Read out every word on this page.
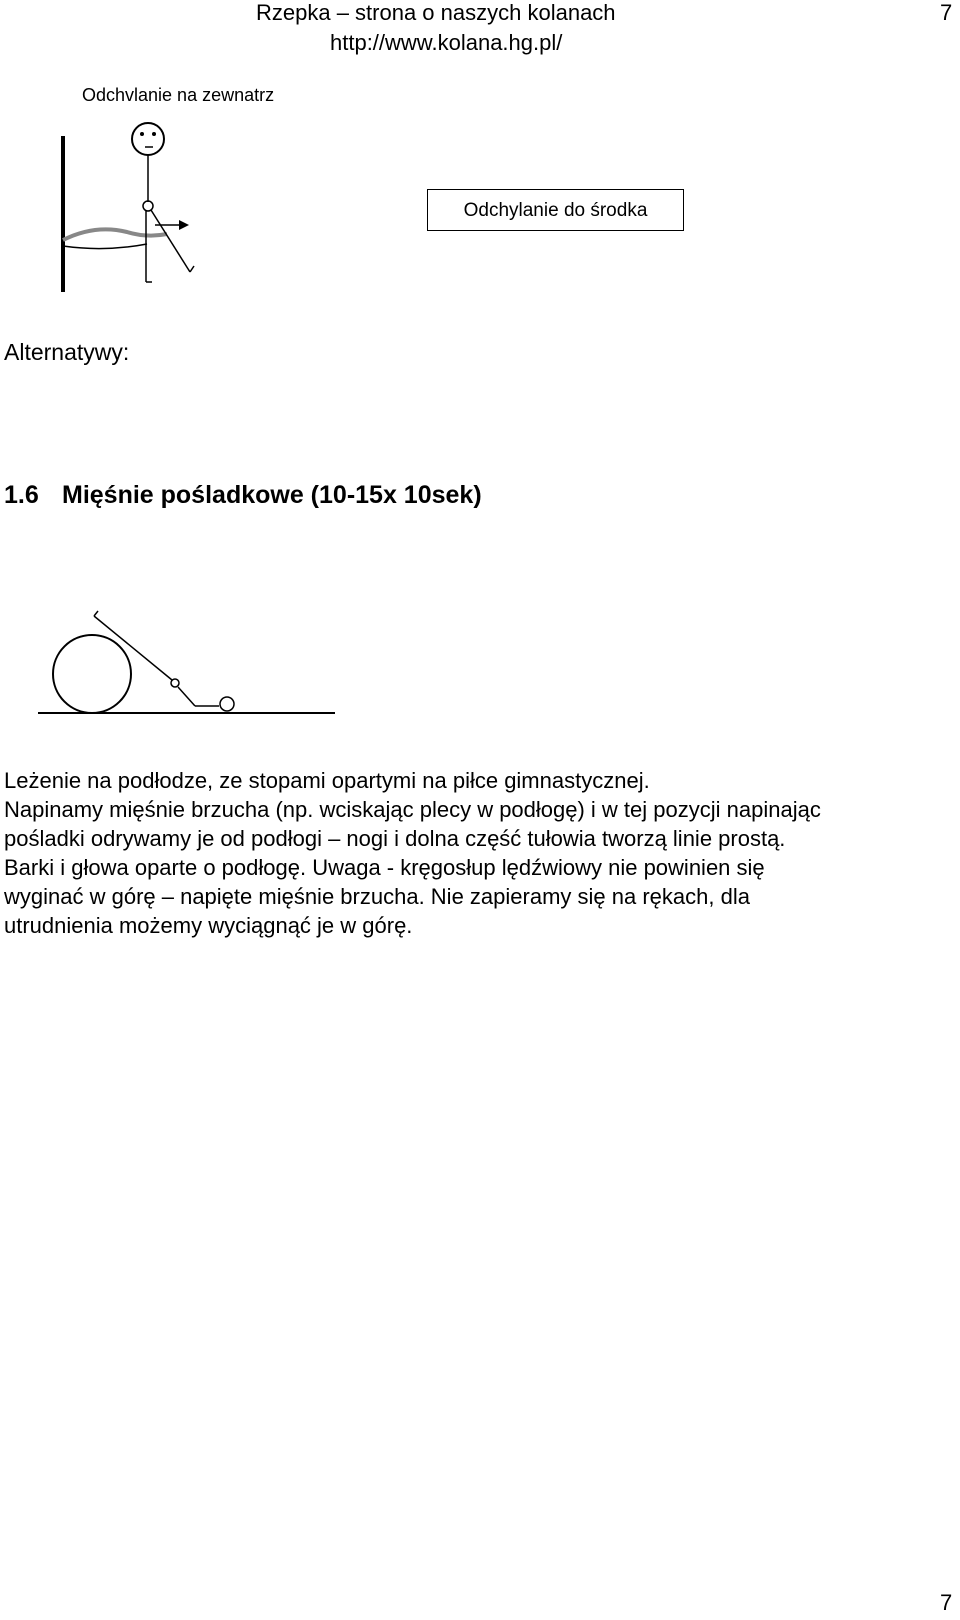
Rzepka – strona o naszych kolanach
http://www.kolana.hg.pl/
7
Odchvlanie na zewnatrz
Odchylanie do środka
Alternatywy:
1.6 Mięśnie pośladkowe (10-15x 10sek)

Leżenie na podłodze, ze stopami opartymi na piłce gimnastycznej.

Napinamy mięśnie brzucha (np. wciskając plecy w podłogę) i w tej pozycji napinając

pośladki odrywamy je od podłogi – nogi i dolna część tułowia tworzą linie prostą.

Barki i głowa oparte o podłogę. Uwaga - kręgosłup lędźwiowy nie powinien się

wyginać w górę – napięte mięśnie brzucha. Nie zapieramy się na rękach, dla

utrudnienia możemy wyciągnąć je w górę.

7
